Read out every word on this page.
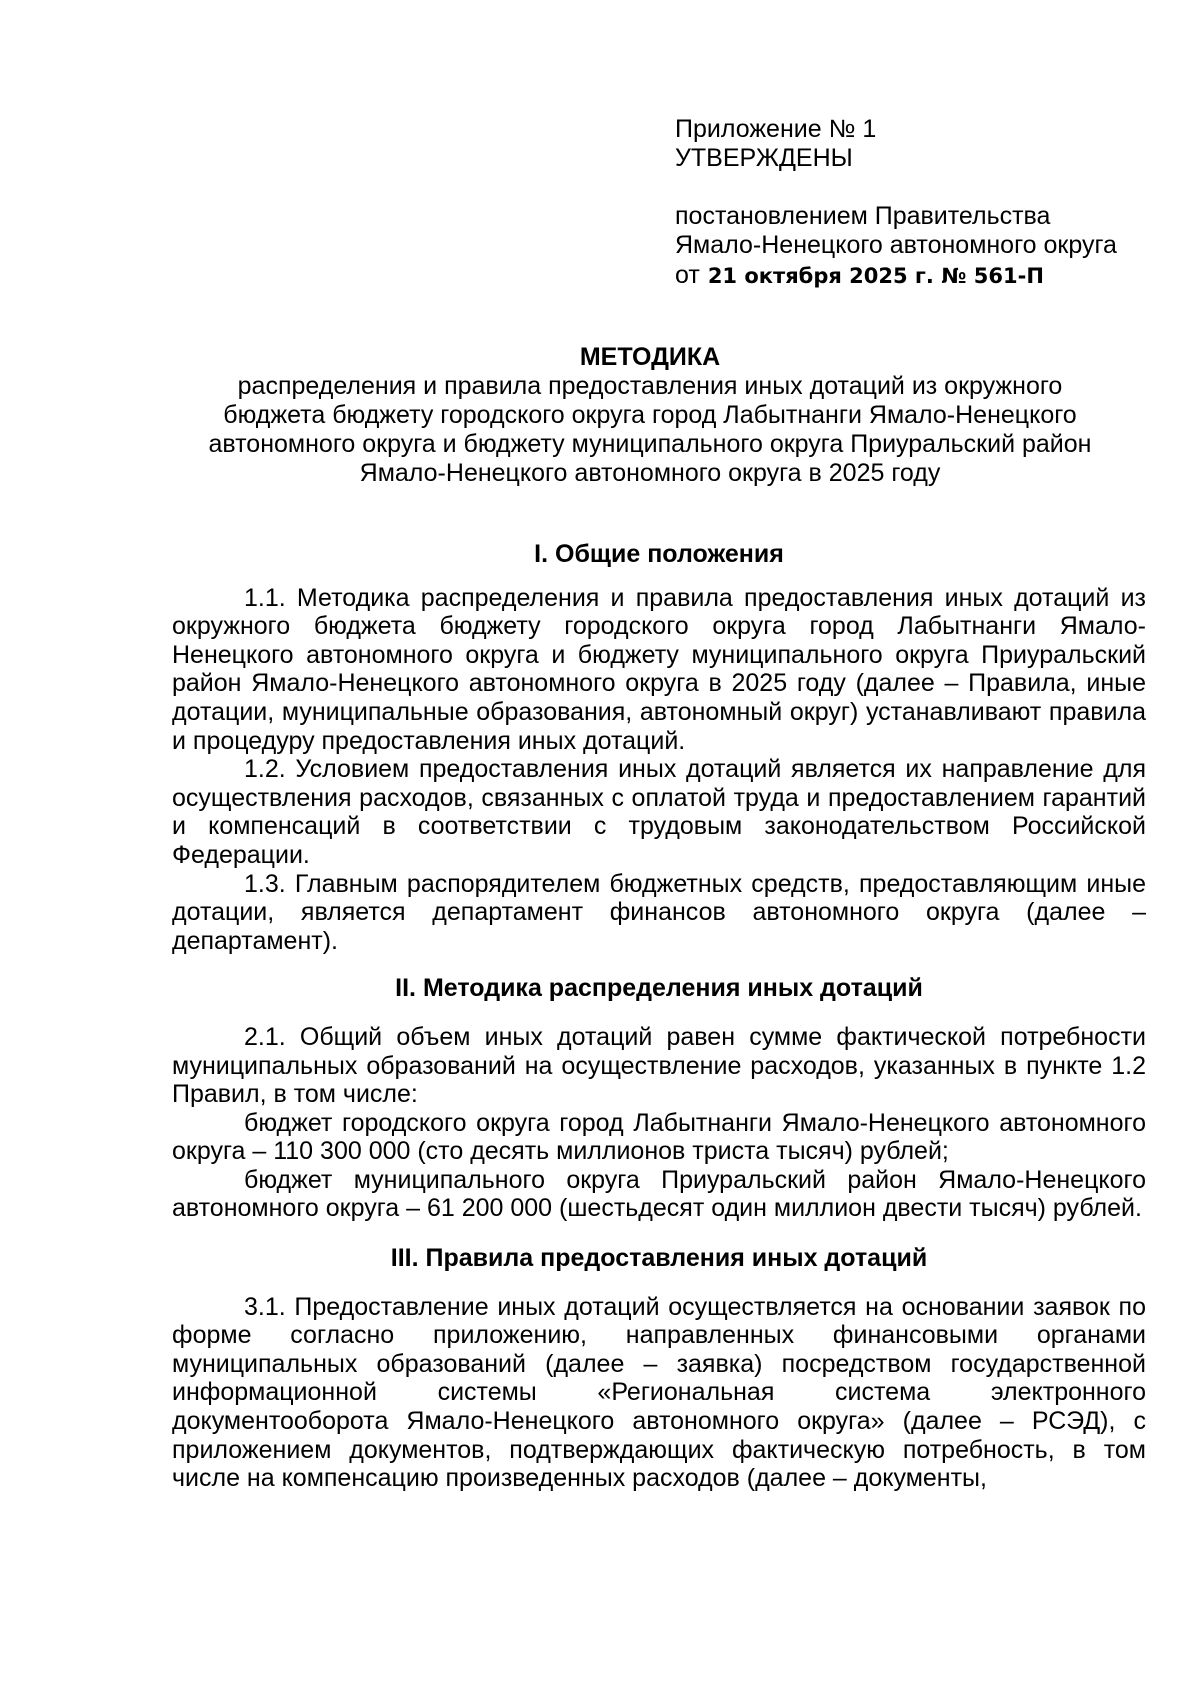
Приложение № 1
УТВЕРЖДЕНЫ
постановлением Правительства
Ямало-Ненецкого автономного округа
от 21 октября 2025 г. № 561-П
МЕТОДИКА
распределения и правила предоставления иных дотаций из окружного
бюджета бюджету городского округа город Лабытнанги Ямало-Ненецкого
автономного округа и бюджету муниципального округа Приуральский район
Ямало-Ненецкого автономного округа в 2025 году

I. Общие положения

1.1. Методика распределения и правила предоставления иных дотаций из окружного бюджета бюджету городского округа город Лабытнанги Ямало-Ненецкого автономного округа и бюджету муниципального округа Приуральский район Ямало-Ненецкого автономного округа в 2025 году (далее – Правила, иные дотации, муниципальные образования, автономный округ) устанавливают правила и процедуру предоставления иных дотаций.

1.2. Условием предоставления иных дотаций является их направление для осуществления расходов, связанных с оплатой труда и предоставлением гарантий и компенсаций в соответствии с трудовым законодательством Российской Федерации.

1.3. Главным распорядителем бюджетных средств, предоставляющим иные дотации, является департамент финансов автономного округа (далее – департамент).

II. Методика распределения иных дотаций

2.1. Общий объем иных дотаций равен сумме фактической потребности муниципальных образований на осуществление расходов, указанных в пункте 1.2 Правил, в том числе:

бюджет городского округа город Лабытнанги Ямало-Ненецкого автономного округа – 110 300 000 (сто десять миллионов триста тысяч) рублей;

бюджет муниципального округа Приуральский район Ямало-Ненецкого автономного округа – 61 200 000 (шестьдесят один миллион двести тысяч) рублей.

III. Правила предоставления иных дотаций

3.1. Предоставление иных дотаций осуществляется на основании заявок по форме согласно приложению, направленных финансовыми органами муниципальных образований (далее – заявка) посредством государственной информационной системы «Региональная система электронного документооборота Ямало-Ненецкого автономного округа» (далее – РСЭД), с приложением документов, подтверждающих фактическую потребность, в том числе на компенсацию произведенных расходов (далее – документы,
